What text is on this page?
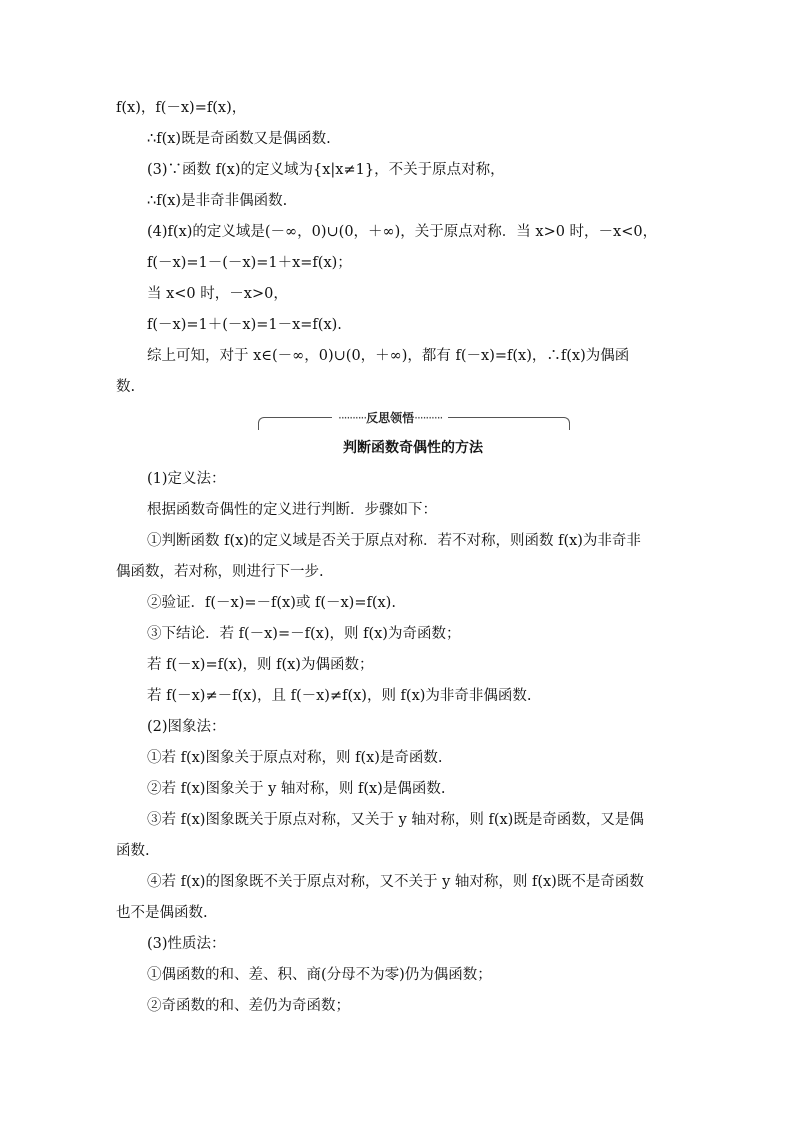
f(x)，f(－x)=f(x)，
∴f(x)既是奇函数又是偶函数.
(3)∵函数 f(x)的定义域为{x|x≠1}，不关于原点对称，
∴f(x)是非奇非偶函数.
(4)f(x)的定义域是(－∞，0)∪(0，＋∞)，关于原点对称．当 x>0 时，－x<0，
f(－x)=1－(－x)=1＋x=f(x)；
当 x<0 时，－x>0，
f(－x)=1＋(－x)=1－x=f(x).
综上可知，对于 x∈(－∞，0)∪(0，＋∞)，都有 f(－x)=f(x)，∴f(x)为偶函
数.
··········反思领悟··········
判断函数奇偶性的方法
(1)定义法：
根据函数奇偶性的定义进行判断．步骤如下：
①判断函数 f(x)的定义域是否关于原点对称．若不对称，则函数 f(x)为非奇非
偶函数，若对称，则进行下一步.
②验证．f(－x)=－f(x)或 f(－x)=f(x).
③下结论．若 f(－x)=－f(x)，则 f(x)为奇函数；
若 f(－x)=f(x)，则 f(x)为偶函数；
若 f(－x)≠－f(x)，且 f(－x)≠f(x)，则 f(x)为非奇非偶函数.
(2)图象法：
①若 f(x)图象关于原点对称，则 f(x)是奇函数.
②若 f(x)图象关于 y 轴对称，则 f(x)是偶函数.
③若 f(x)图象既关于原点对称，又关于 y 轴对称，则 f(x)既是奇函数，又是偶
函数.
④若 f(x)的图象既不关于原点对称，又不关于 y 轴对称，则 f(x)既不是奇函数
也不是偶函数.
(3)性质法：
①偶函数的和、差、积、商(分母不为零)仍为偶函数；
②奇函数的和、差仍为奇函数；
